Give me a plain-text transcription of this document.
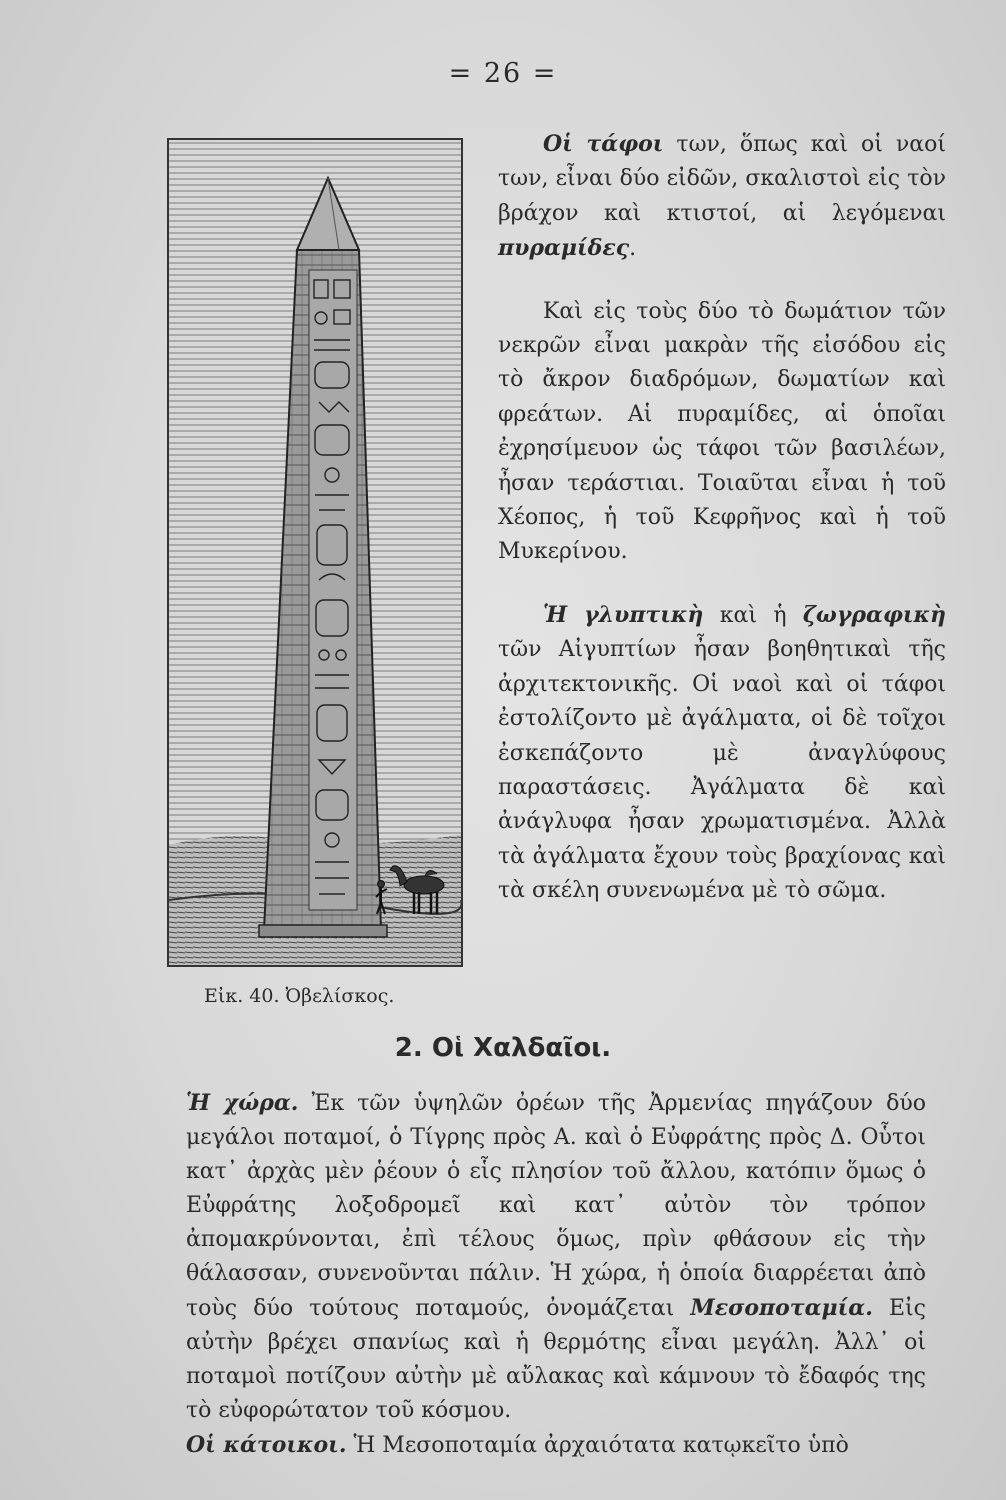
= 26 =
Εἰκ. 40. Ὀβελίσκος.

Οἱ τάφοι των, ὅπως καὶ οἱ ναοί των, εἶναι δύο εἰδῶν, σκαλιστοὶ εἰς τὸν βράχον καὶ κτιστοί, αἱ λεγόμεναι πυραμίδες.

Καὶ εἰς τοὺς δύο τὸ δωμάτιον τῶν νεκρῶν εἶναι μακρὰν τῆς εἰσόδου εἰς τὸ ἄκρον διαδρόμων, δωματίων καὶ φρεάτων. Αἱ πυραμίδες, αἱ ὁποῖαι ἐχρησίμευον ὡς τάφοι τῶν βασιλέων, ἦσαν τεράστιαι. Τοιαῦται εἶναι ἡ τοῦ Χέοπος, ἡ τοῦ Κεφρῆνος καὶ ἡ τοῦ Μυκερίνου.

Ἡ γλυπτικὴ καὶ ἡ ζωγραφικὴ τῶν Αἰγυπτίων ἦσαν βοηθητικαὶ τῆς ἀρχιτεκτονικῆς. Οἱ ναοὶ καὶ οἱ τάφοι ἐστολίζοντο μὲ ἀγάλματα, οἱ δὲ τοῖχοι ἐσκεπάζοντο μὲ ἀναγλύφους παραστάσεις. Ἀγάλματα δὲ καὶ ἀνάγλυφα ἦσαν χρωματισμένα. Ἀλλὰ τὰ ἀγάλματα ἔχουν τοὺς βραχίονας καὶ τὰ σκέλη συνενωμένα μὲ τὸ σῶμα.

2. Οἱ Χαλδαῖοι.

Ἡ χώρα. Ἐκ τῶν ὑψηλῶν ὀρέων τῆς Ἀρμενίας πηγάζουν δύο μεγάλοι ποταμοί, ὁ Τίγρης πρὸς Α. καὶ ὁ Εὐφράτης πρὸς Δ. Οὗτοι κατ᾽ ἀρχὰς μὲν ῥέουν ὁ εἷς πλησίον τοῦ ἄλλου, κατόπιν ὅμως ὁ Εὐφράτης λοξοδρομεῖ καὶ κατ᾽ αὐτὸν τὸν τρόπον ἀπομακρύνονται, ἐπὶ τέλους ὅμως, πρὶν φθάσουν εἰς τὴν θάλασσαν, συνενοῦνται πάλιν. Ἡ χώρα, ἡ ὁποία διαρρέεται ἀπὸ τοὺς δύο τούτους ποταμούς, ὀνομάζεται Μεσοποταμία. Εἰς αὐτὴν βρέχει σπανίως καὶ ἡ θερμότης εἶναι μεγάλη. Ἀλλ᾽ οἱ ποταμοὶ ποτίζουν αὐτὴν μὲ αὔλακας καὶ κάμνουν τὸ ἔδαφός της τὸ εὐφορώτατον τοῦ κόσμου.

Οἱ κάτοικοι. Ἡ Μεσοποταμία ἀρχαιότατα κατῳκεῖτο ὑπὸ
